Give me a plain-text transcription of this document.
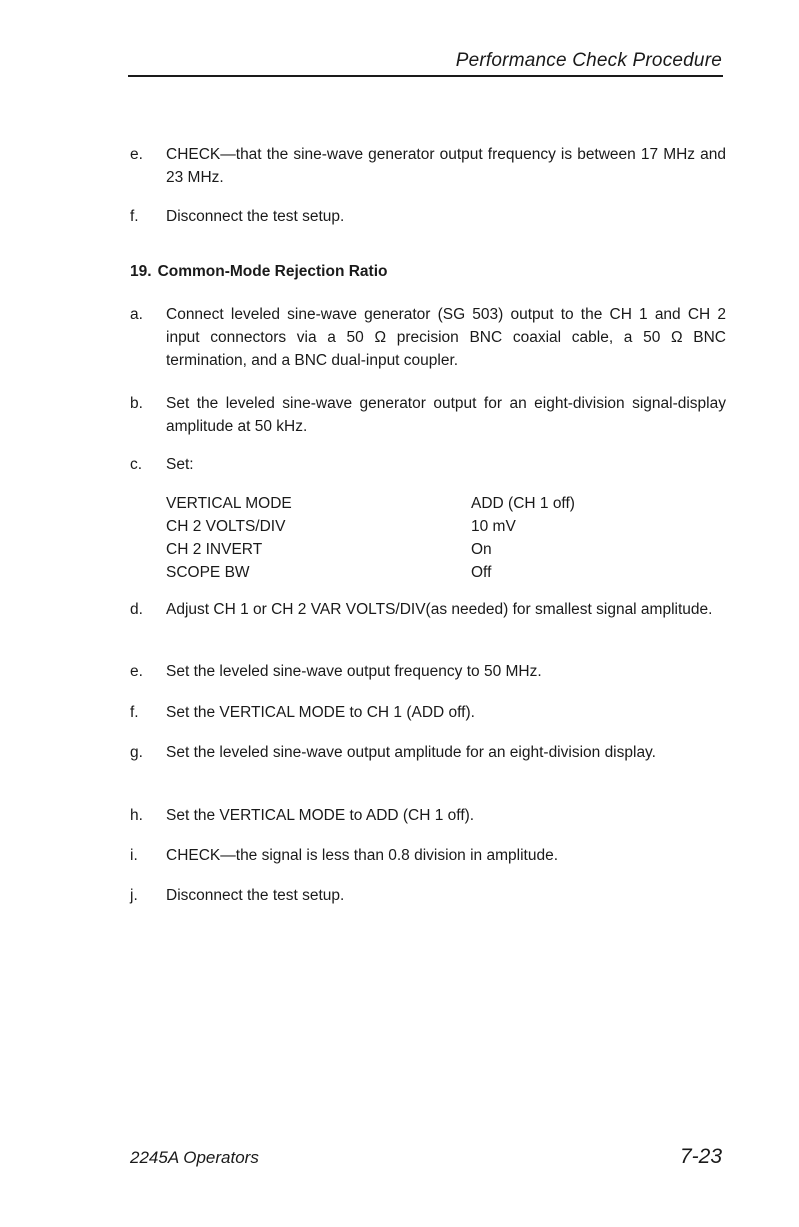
Performance Check Procedure
e. CHECK—that the sine-wave generator output frequency is between 17 MHz and 23 MHz.
f. Disconnect the test setup.
19. Common-Mode Rejection Ratio
a. Connect leveled sine-wave generator (SG 503) output to the CH 1 and CH 2 input connectors via a 50 Ω precision BNC coaxial cable, a 50 Ω BNC termination, and a BNC dual-input coupler.
b. Set the leveled sine-wave generator output for an eight-division signal-display amplitude at 50 kHz.
c. Set:
VERTICAL MODE	ADD (CH 1 off)
CH 2 VOLTS/DIV	10 mV
CH 2 INVERT	On
SCOPE BW	Off
d. Adjust CH 1 or CH 2 VAR VOLTS/DIV(as needed) for smallest signal amplitude.
e. Set the leveled sine-wave output frequency to 50 MHz.
f. Set the VERTICAL MODE to CH 1 (ADD off).
g. Set the leveled sine-wave output amplitude for an eight-division display.
h. Set the VERTICAL MODE to ADD (CH 1 off).
i. CHECK—the signal is less than 0.8 division in amplitude.
j. Disconnect the test setup.
2245A Operators	7-23
